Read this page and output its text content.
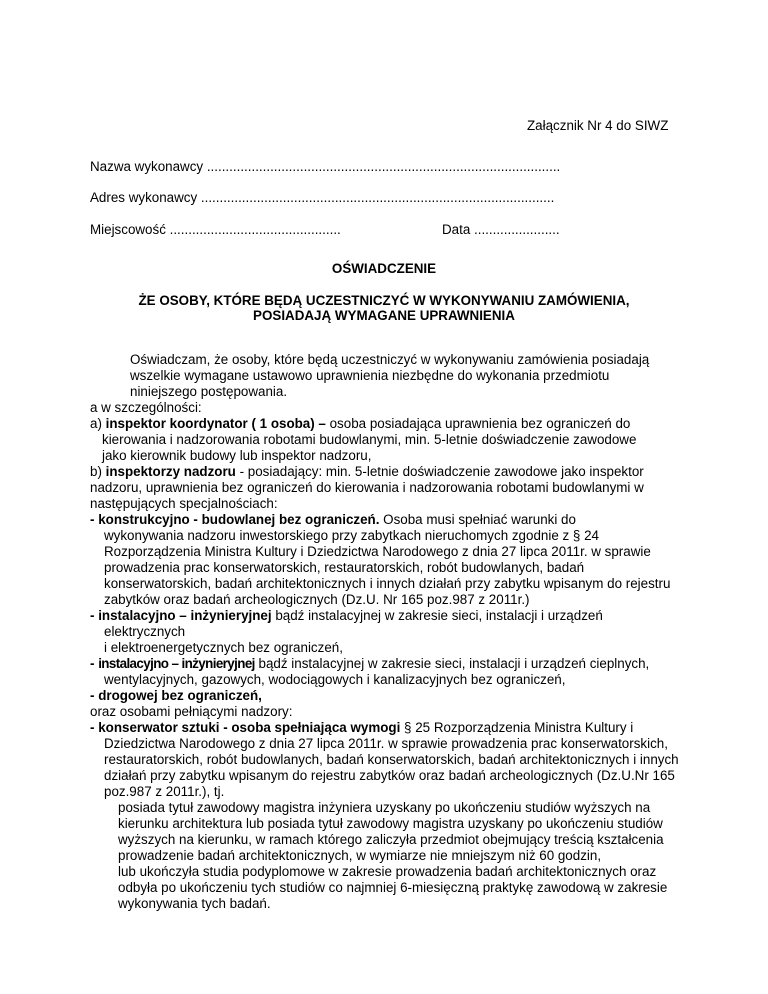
Załącznik Nr 4 do SIWZ
Nazwa wykonawcy ...............................................................................................
Adres wykonawcy ...............................................................................................
Miejscowość ..............................................	Data .......................
OŚWIADCZENIE
ŻE OSOBY, KTÓRE BĘDĄ UCZESTNICZYĆ W WYKONYWANIU ZAMÓWIENIA,
POSIADAJĄ WYMAGANE UPRAWNIENIA
Oświadczam, że osoby, które będą uczestniczyć w wykonywaniu zamówienia posiadają
wszelkie wymagane ustawowo uprawnienia niezbędne do wykonania przedmiotu
niniejszego postępowania.
a w szczególności:
a) inspektor koordynator ( 1 osoba) – osoba posiadająca uprawnienia bez ograniczeń do
kierowania i nadzorowania robotami budowlanymi, min. 5-letnie doświadczenie zawodowe
jako kierownik budowy lub inspektor nadzoru,
b) inspektorzy nadzoru - posiadający: min. 5-letnie doświadczenie zawodowe jako inspektor
nadzoru, uprawnienia bez ograniczeń do kierowania i nadzorowania robotami budowlanymi w
następujących specjalnościach:
- konstrukcyjno - budowlanej bez ograniczeń. Osoba musi spełniać warunki do
wykonywania nadzoru inwestorskiego przy zabytkach nieruchomych zgodnie z § 24
Rozporządzenia Ministra Kultury i Dziedzictwa Narodowego z dnia 27 lipca 2011r. w sprawie
prowadzenia prac konserwatorskich, restauratorskich, robót budowlanych, badań
konserwatorskich, badań architektonicznych i innych działań przy zabytku wpisanym do rejestru
zabytków oraz badań archeologicznych (Dz.U. Nr 165 poz.987 z 2011r.)
- instalacyjno – inżynieryjnej bądź instalacyjnej w zakresie sieci, instalacji i urządzeń
elektrycznych
i elektroenergetycznych bez ograniczeń,
- instalacyjno – inżynieryjnej bądź instalacyjnej w zakresie sieci, instalacji i urządzeń cieplnych,
wentylacyjnych, gazowych, wodociągowych i kanalizacyjnych bez ograniczeń,
- drogowej bez ograniczeń,
oraz osobami pełniącymi nadzory:
- konserwator sztuki - osoba spełniająca wymogi § 25 Rozporządzenia Ministra Kultury i
Dziedzictwa Narodowego z dnia 27 lipca 2011r. w sprawie prowadzenia prac konserwatorskich,
restauratorskich, robót budowlanych, badań konserwatorskich, badań architektonicznych i innych
działań przy zabytku wpisanym do rejestru zabytków oraz badań archeologicznych (Dz.U.Nr 165
poz.987 z 2011r.), tj.
posiada tytuł zawodowy magistra inżyniera uzyskany po ukończeniu studiów wyższych na
kierunku architektura lub posiada tytuł zawodowy magistra uzyskany po ukończeniu studiów
wyższych na kierunku, w ramach którego zaliczyła przedmiot obejmujący treścią kształcenia
prowadzenie badań architektonicznych, w wymiarze nie mniejszym niż 60 godzin,
lub ukończyła studia podyplomowe w zakresie prowadzenia badań architektonicznych oraz
odbyła po ukończeniu tych studiów co najmniej 6-miesięczną praktykę zawodową w zakresie
wykonywania tych badań.
